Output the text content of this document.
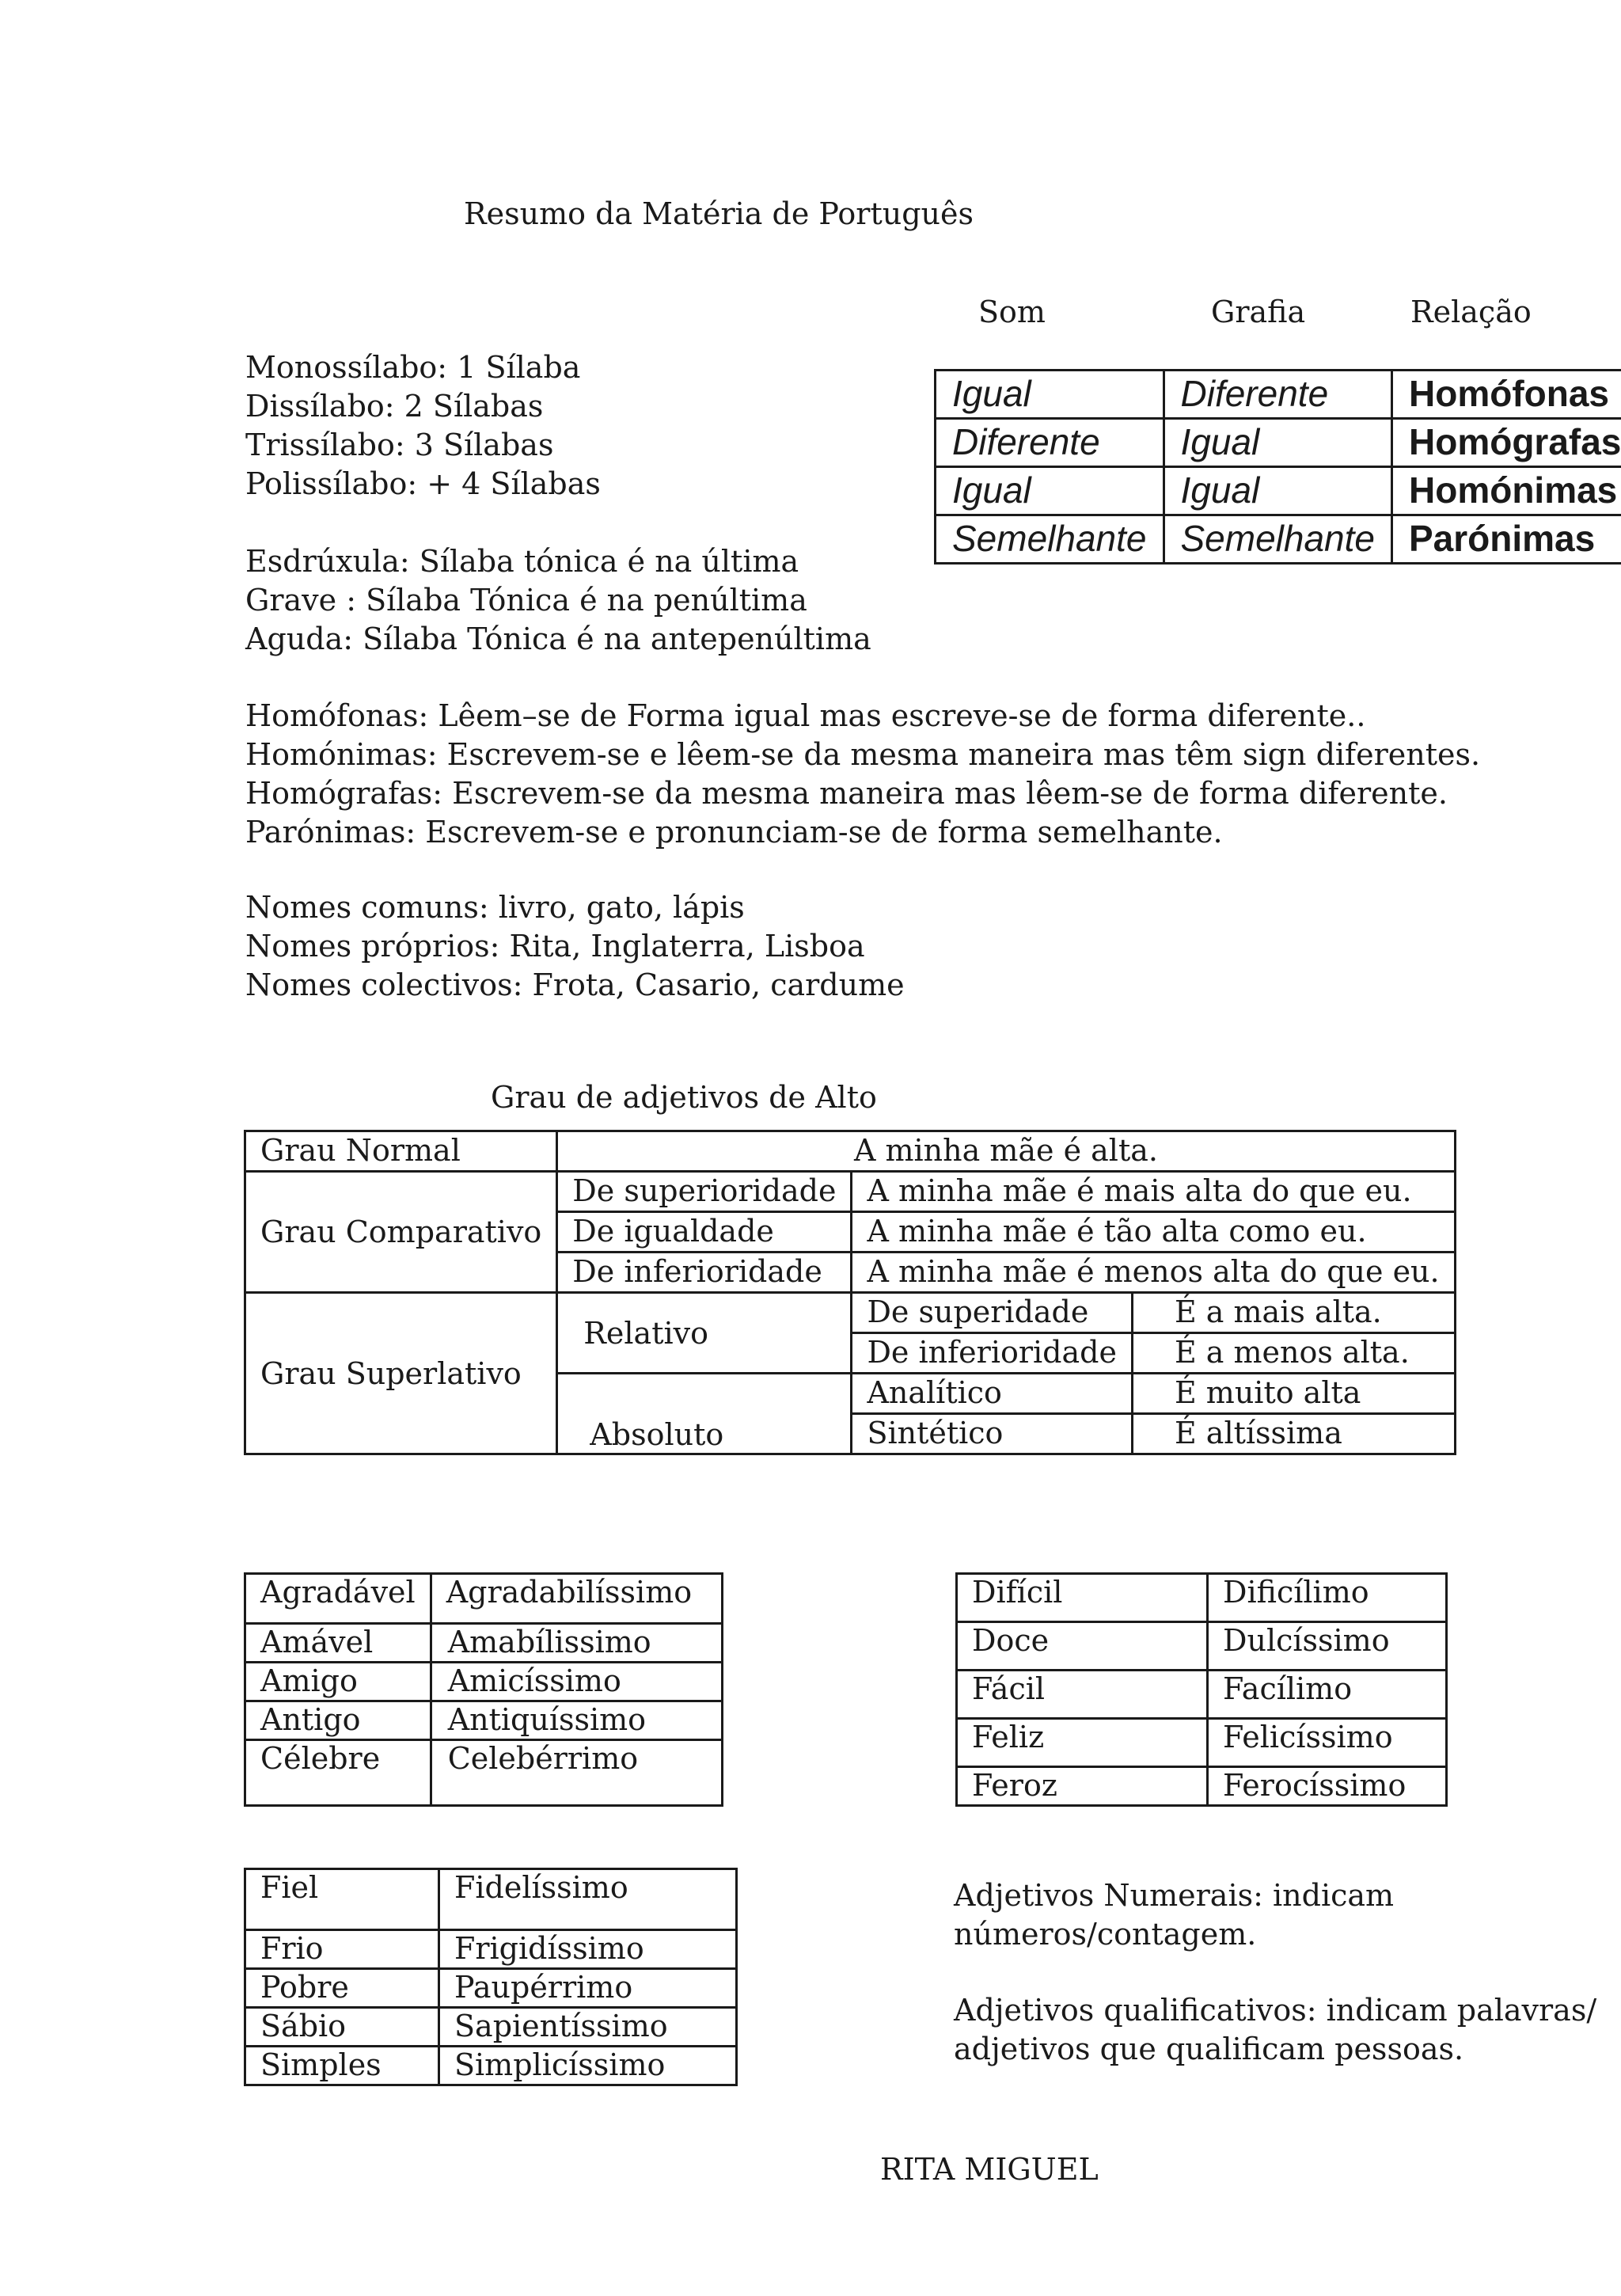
Resumo da Matéria de Português
Som	Grafia	Relação
Igual	Diferente	Homófonas
Diferente	Igual	Homógrafas
Igual	Igual	Homónimas
Semelhante	Semelhante	Parónimas
Monossílabo: 1 Sílaba
Dissílabo: 2 Sílabas
Trissílabo: 3 Sílabas
Polissílabo: + 4 Sílabas
Esdrúxula: Sílaba tónica é na última
Grave : Sílaba Tónica é na penúltima
Aguda: Sílaba Tónica é na antepenúltima
Homófonas: Lêem–se de Forma igual mas escreve-se de forma diferente..
Homónimas: Escrevem-se e lêem-se da mesma maneira mas têm sign diferentes.
Homógrafas: Escrevem-se da mesma maneira mas lêem-se de forma diferente.
Parónimas: Escrevem-se e pronunciam-se de forma semelhante.
Nomes comuns: livro, gato, lápis
Nomes próprios: Rita, Inglaterra, Lisboa
Nomes colectivos: Frota, Casario, cardume
Grau de adjetivos de Alto
Grau Normal	A minha mãe é alta.		
Grau Comparativo	De superioridade	A minha mãe é mais alta do que eu.	
	De igualdade	A minha mãe é tão alta como eu.	
	De inferioridade	A minha mãe é menos alta do que eu.	
Grau Superlativo	Relativo	De superidade	É a mais alta.
		De inferioridade	É a menos alta.
	Absoluto	Analítico	É muito alta
		Sintético	É altíssima
Agradável	Agradabilíssimo
Amável	Amabílissimo
Amigo	Amicíssimo
Antigo	Antiquíssimo
Célebre	Celebérrimo
Difícil	Dificílimo
Doce	Dulcíssimo
Fácil	Facílimo
Feliz	Felicíssimo
Feroz	Ferocíssimo
Fiel	Fidelíssimo
Frio	Frigidíssimo
Pobre	Paupérrimo
Sábio	Sapientíssimo
Simples	Simplicíssimo
Adjetivos Numerais: indicam
números/contagem.
Adjetivos qualificativos: indicam palavras/
adjetivos que qualificam pessoas.
RITA MIGUEL
